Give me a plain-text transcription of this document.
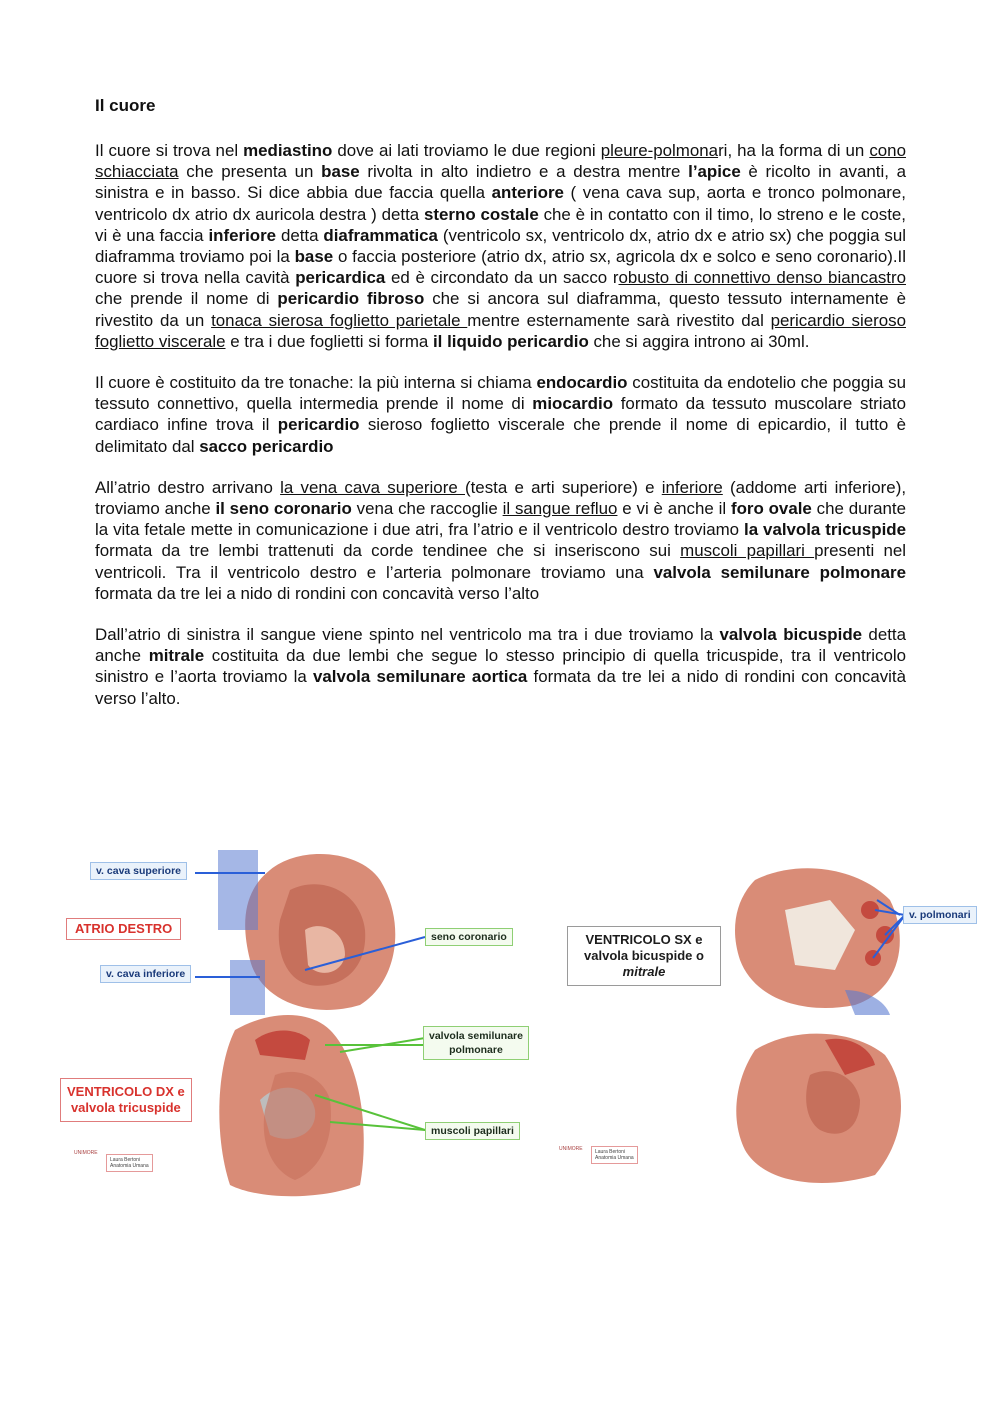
Il cuore

Il cuore si trova nel mediastino dove ai lati troviamo le due regioni pleure-polmonari, ha la forma di un cono schiacciata che presenta un base rivolta in alto indietro e a destra mentre l’apice è ricolto in avanti, a sinistra e in basso. Si dice abbia due faccia quella anteriore ( vena cava sup, aorta e tronco polmonare, ventricolo dx atrio dx auricola destra ) detta sterno costale che è in contatto con il timo, lo streno e le coste, vi è una faccia inferiore detta diaframmatica (ventricolo sx, ventricolo dx, atrio dx e atrio sx) che poggia sul diaframma troviamo poi la base o faccia posteriore (atrio dx, atrio sx, agricola dx e solco e seno coronario).Il cuore si trova nella cavità pericardica ed è circondato da un sacco robusto di connettivo denso biancastro che prende il nome di pericardio fibroso che si ancora sul diaframma, questo tessuto internamente è rivestito da un tonaca sierosa foglietto parietale mentre esternamente sarà rivestito dal pericardio sieroso foglietto viscerale e tra i due foglietti si forma il liquido pericardio che si aggira introno ai 30ml.

Il cuore è costituito da tre tonache: la più interna si chiama endocardio costituita da endotelio che poggia su tessuto connettivo, quella intermedia prende il nome di miocardio formato da tessuto muscolare striato cardiaco infine trova il pericardio sieroso foglietto viscerale che prende il nome di epicardio, il tutto è delimitato dal sacco pericardio

All’atrio destro arrivano la vena cava superiore (testa e arti superiore) e inferiore (addome arti inferiore), troviamo anche il seno coronario vena che raccoglie il sangue refluo e vi è anche il foro ovale che durante la vita fetale mette in comunicazione i due atri, fra l’atrio e il ventricolo destro troviamo la valvola tricuspide formata da tre lembi trattenuti da corde tendinee che si inseriscono sui muscoli papillari presenti nel ventricoli. Tra il ventricolo destro e l’arteria polmonare troviamo una valvola semilunare polmonare formata da tre lei a nido di rondini con concavità verso l’alto

Dall’atrio di sinistra il sangue viene spinto nel ventricolo ma tra i due troviamo la valvola bicuspide detta anche mitrale costituita da due lembi che segue lo stesso principio di quella tricuspide, tra il ventricolo sinistro e l’aorta troviamo la valvola semilunare aortica formata da tre lei a nido di rondini con concavità verso l’alto.

v. cava superiore
ATRIO DESTRO
v. cava inferiore
seno coronario
valvola semilunare
polmonare
VENTRICOLO DX e
valvola tricuspide
muscoli papillari
UNIMORE
Laura Bertoni
Anatomia Umana
v. polmonari
VENTRICOLO SX e
valvola bicuspide o
mitrale
UNIMORE Laura Bertoni
Anatomia Umana
